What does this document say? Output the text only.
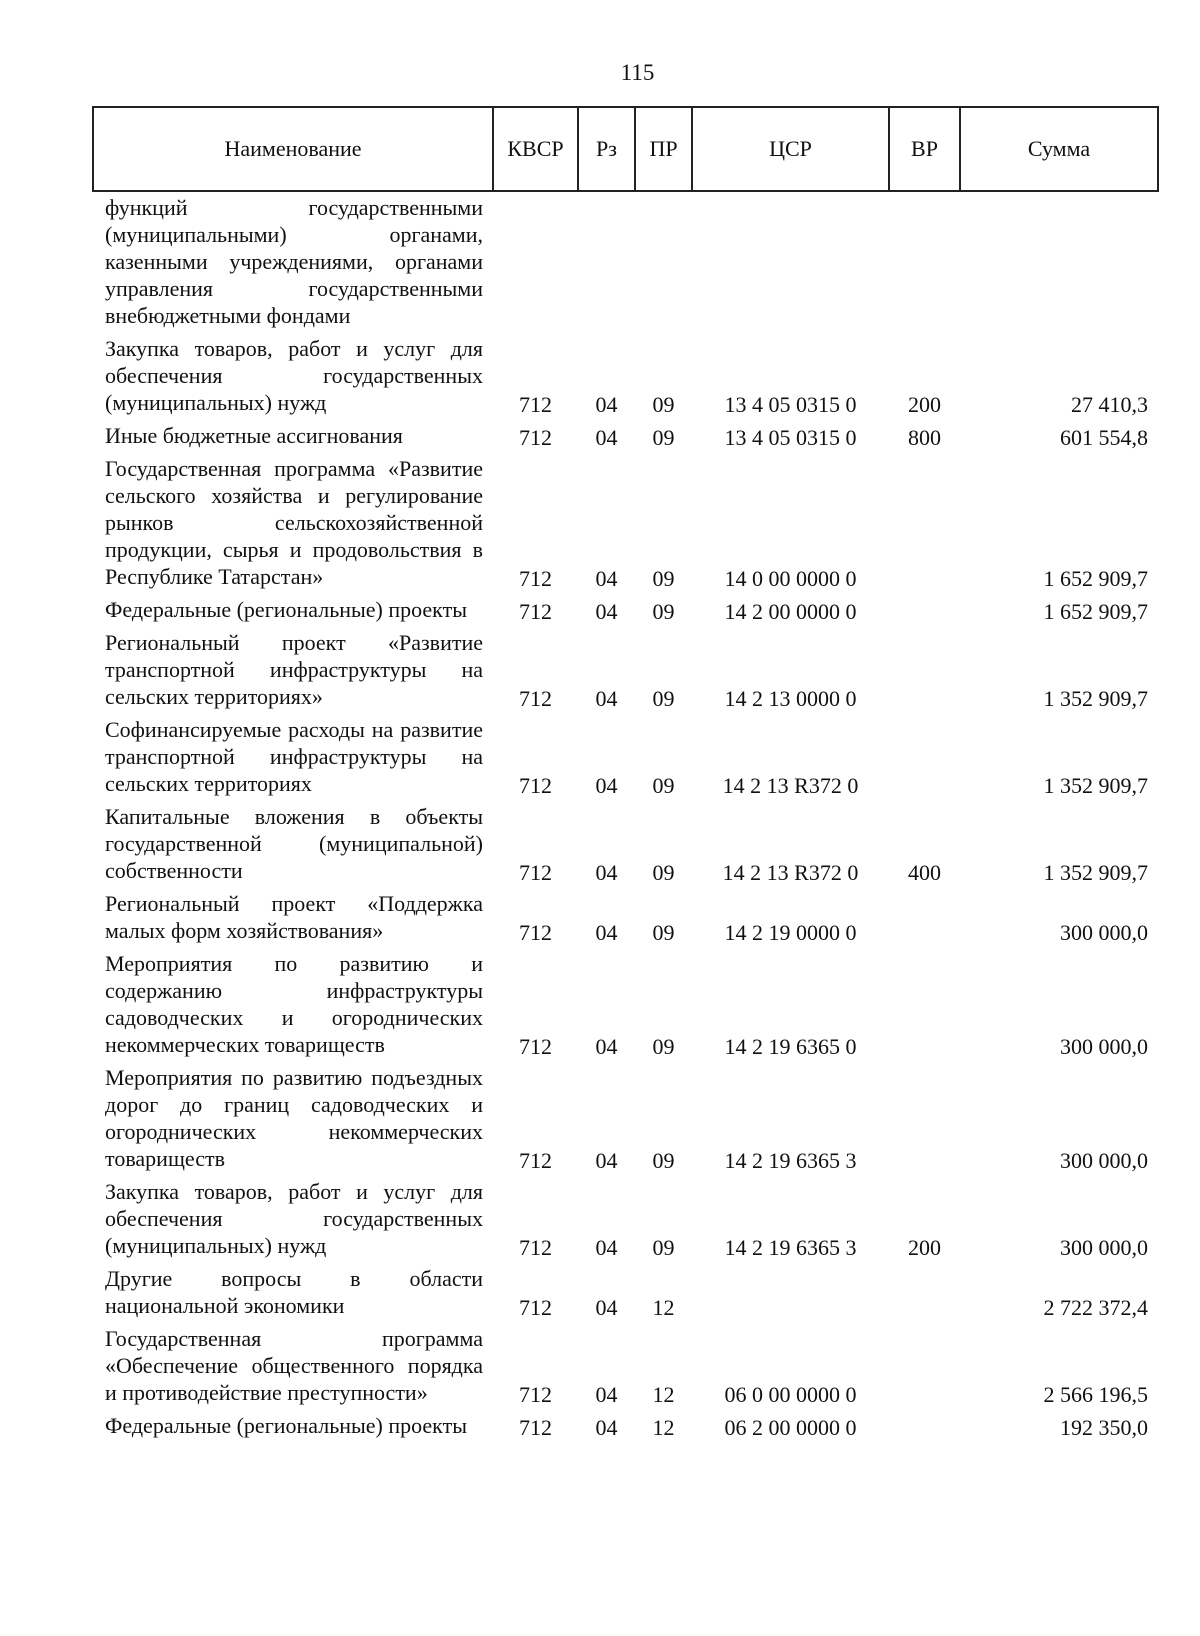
115
Наименование	КВСР	Рз	ПР	ЦСР	ВР	Сумма
функций государственными (муниципальными) органами, казенными учреждениями, органами управления государственными внебюджетными фондами						
Закупка товаров, работ и услуг для обеспечения государственных (муниципальных) нужд	712	04	09	13 4 05 0315 0	200	27 410,3
Иные бюджетные ассигнования	712	04	09	13 4 05 0315 0	800	601 554,8
Государственная программа «Развитие сельского хозяйства и регулирование рынков сельскохозяйственной продукции, сырья и продовольствия в Республике Татарстан»	712	04	09	14 0 00 0000 0		1 652 909,7
Федеральные (региональные) проекты	712	04	09	14 2 00 0000 0		1 652 909,7
Региональный проект «Развитие транспортной инфраструктуры на сельских территориях»	712	04	09	14 2 13 0000 0		1 352 909,7
Софинансируемые расходы на развитие транспортной инфраструктуры на сельских территориях	712	04	09	14 2 13 R372 0		1 352 909,7
Капитальные вложения в объекты государственной (муниципальной) собственности	712	04	09	14 2 13 R372 0	400	1 352 909,7
Региональный проект «Поддержка малых форм хозяйствования»	712	04	09	14 2 19 0000 0		300 000,0
Мероприятия по развитию и содержанию инфраструктуры садоводческих и огороднических некоммерческих товариществ	712	04	09	14 2 19 6365 0		300 000,0
Мероприятия по развитию подъездных дорог до границ садоводческих и огороднических некоммерческих товариществ	712	04	09	14 2 19 6365 3		300 000,0
Закупка товаров, работ и услуг для обеспечения государственных (муниципальных) нужд	712	04	09	14 2 19 6365 3	200	300 000,0
Другие вопросы в области национальной экономики	712	04	12			2 722 372,4
Государственная программа «Обеспечение общественного порядка и противодействие преступности»	712	04	12	06 0 00 0000 0		2 566 196,5
Федеральные (региональные) проекты	712	04	12	06 2 00 0000 0		192 350,0
